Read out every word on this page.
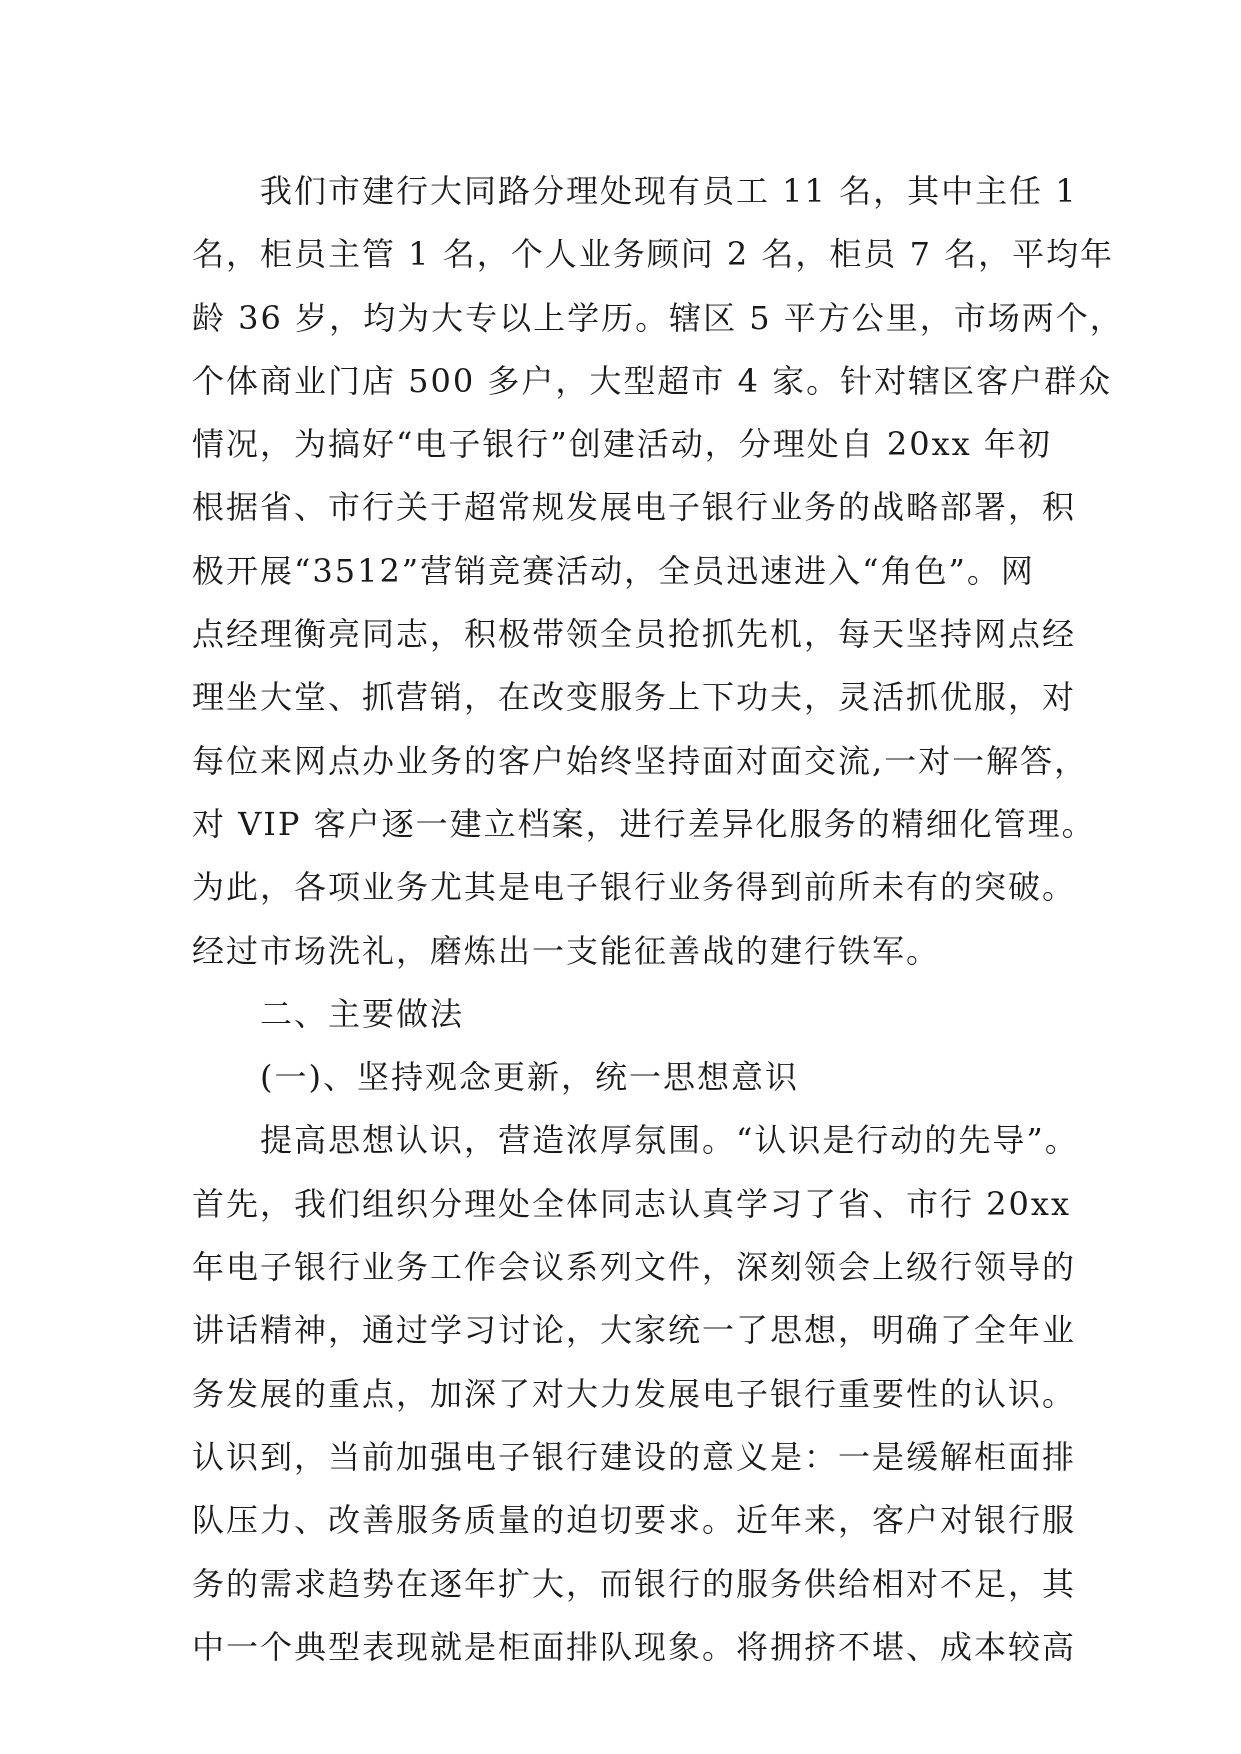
我们市建行大同路分理处现有员工 11 名，其中主任 1
名，柜员主管 1 名，个人业务顾问 2 名，柜员 7 名，平均年
龄 36 岁，均为大专以上学历。辖区 5 平方公里，市场两个，
个体商业门店 500 多户，大型超市 4 家。针对辖区客户群众
情况，为搞好“电子银行”创建活动，分理处自 20xx 年初
根据省、市行关于超常规发展电子银行业务的战略部署，积
极开展“3512”营销竞赛活动，全员迅速进入“角色”。网
点经理衡亮同志，积极带领全员抢抓先机，每天坚持网点经
理坐大堂、抓营销，在改变服务上下功夫，灵活抓优服，对
每位来网点办业务的客户始终坚持面对面交流,一对一解答，
对 VIP 客户逐一建立档案，进行差异化服务的精细化管理。
为此，各项业务尤其是电子银行业务得到前所未有的突破。
经过市场洗礼，磨炼出一支能征善战的建行铁军。
二、主要做法
(一)、坚持观念更新，统一思想意识
提高思想认识，营造浓厚氛围。“认识是行动的先导”。
首先，我们组织分理处全体同志认真学习了省、市行 20xx
年电子银行业务工作会议系列文件，深刻领会上级行领导的
讲话精神，通过学习讨论，大家统一了思想，明确了全年业
务发展的重点，加深了对大力发展电子银行重要性的认识。
认识到，当前加强电子银行建设的意义是：一是缓解柜面排
队压力、改善服务质量的迫切要求。近年来，客户对银行服
务的需求趋势在逐年扩大，而银行的服务供给相对不足，其
中一个典型表现就是柜面排队现象。将拥挤不堪、成本较高
